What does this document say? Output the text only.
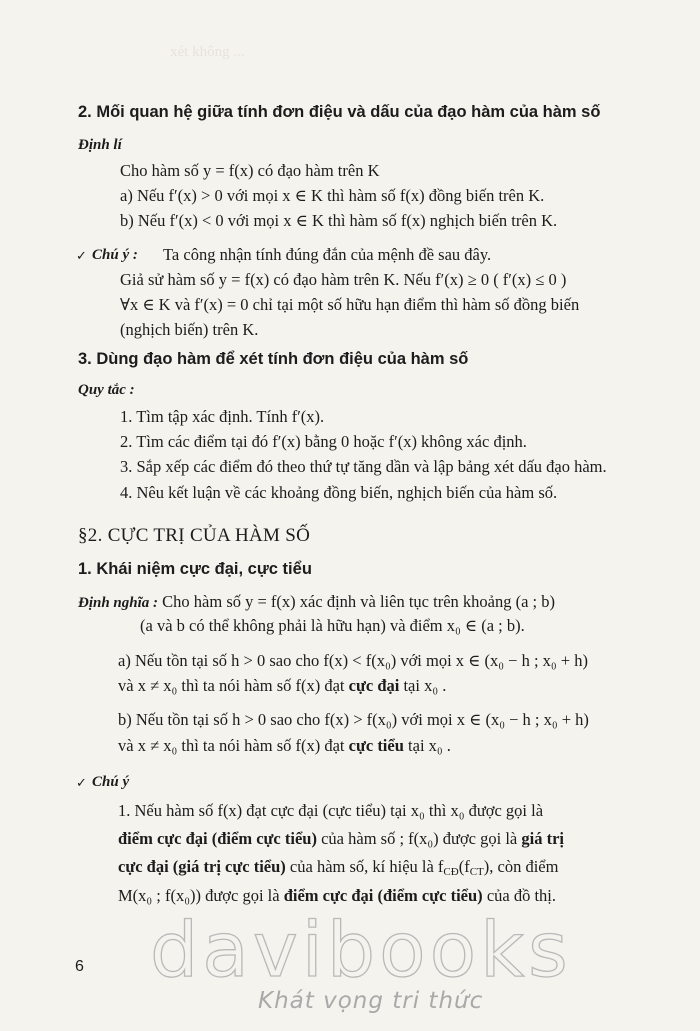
xét không ...
2. Mối quan hệ giữa tính đơn điệu và dấu của đạo hàm của hàm số
Định lí
Cho hàm số y = f(x) có đạo hàm trên K
a) Nếu f′(x) > 0 với mọi x ∈ K thì hàm số f(x) đồng biến trên K.
b) Nếu f′(x) < 0 với mọi x ∈ K thì hàm số f(x) nghịch biến trên K.
✓ Chú ý : Ta công nhận tính đúng đắn của mệnh đề sau đây.
Giả sử hàm số y = f(x) có đạo hàm trên K. Nếu f′(x) ≥ 0 ( f′(x) ≤ 0 )
∀x ∈ K và f′(x) = 0 chỉ tại một số hữu hạn điểm thì hàm số đồng biến
(nghịch biến) trên K.
3. Dùng đạo hàm để xét tính đơn điệu của hàm số
Quy tắc :
1. Tìm tập xác định. Tính f′(x).
2. Tìm các điểm tại đó f′(x) bằng 0 hoặc f′(x) không xác định.
3. Sắp xếp các điểm đó theo thứ tự tăng dần và lập bảng xét dấu đạo hàm.
4. Nêu kết luận về các khoảng đồng biến, nghịch biến của hàm số.
§2. CỰC TRỊ CỦA HÀM SỐ
1. Khái niệm cực đại, cực tiểu
Định nghĩa : Cho hàm số y = f(x) xác định và liên tục trên khoảng (a ; b)
(a và b có thể không phải là hữu hạn) và điểm x₀ ∈ (a ; b).
a) Nếu tồn tại số h > 0 sao cho f(x) < f(x₀) với mọi x ∈ (x₀ − h ; x₀ + h)
và x ≠ x₀ thì ta nói hàm số f(x) đạt cực đại tại x₀ .
b) Nếu tồn tại số h > 0 sao cho f(x) > f(x₀) với mọi x ∈ (x₀ − h ; x₀ + h)
và x ≠ x₀ thì ta nói hàm số f(x) đạt cực tiểu tại x₀ .
✓ Chú ý
1. Nếu hàm số f(x) đạt cực đại (cực tiểu) tại x₀ thì x₀ được gọi là
điểm cực đại (điểm cực tiểu) của hàm số ; f(x₀) được gọi là giá trị
cực đại (giá trị cực tiểu) của hàm số, kí hiệu là $f_{CĐ}(f_{CT})$, còn điểm
M(x₀ ; f(x₀)) được gọi là điểm cực đại (điểm cực tiểu) của đồ thị.
davibooks
6
Khát vọng tri thức
